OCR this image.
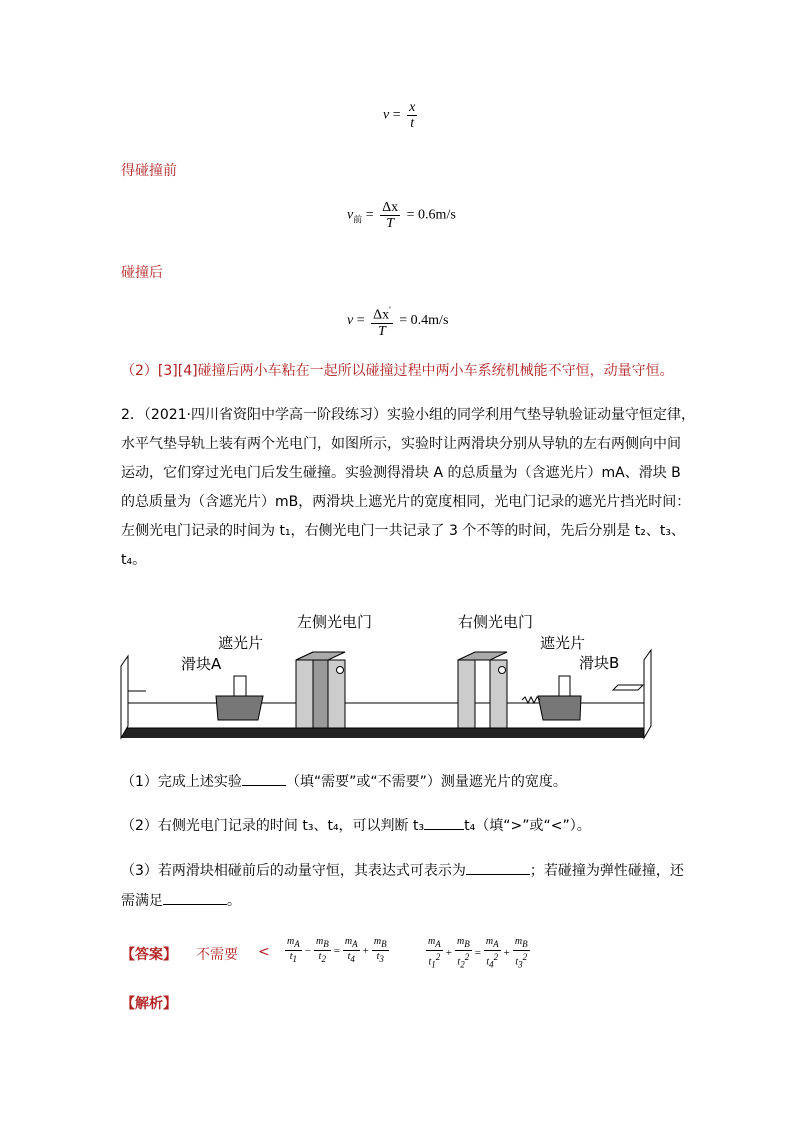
$v = \frac{x}{t}$
得碰撞前
$v_前 = \frac{\Delta x}{T} = 0.6m/s$
碰撞后
$v = \frac{\Delta x'}{T} = 0.4m/s$
（2）[3][4]碰撞后两小车粘在一起所以碰撞过程中两小车系统机械能不守恒，动量守恒。
2．（2021·四川省资阳中学高一阶段练习）实验小组的同学利用气垫导轨验证动量守恒定律，
水平气垫导轨上装有两个光电门，如图所示，实验时让两滑块分别从导轨的左右两侧向中间
运动，它们穿过光电门后发生碰撞。实验测得滑块 A 的总质量为（含遮光片）mA、滑块 B
的总质量为（含遮光片）mB，两滑块上遮光片的宽度相同，光电门记录的遮光片挡光时间：
左侧光电门记录的时间为 t₁，右侧光电门一共记录了 3 个不等的时间，先后分别是 t₂、t₃、
t₄。
左侧光电门	右侧光电门
遮光片	遮光片
滑块A	滑块B
（1）完成上述实验	（填“需要”或“不需要”）测量遮光片的宽度。
（2）右侧光电门记录的时间 t₃、t₄，可以判断 t₃	t₄（填“>”或“<”）。
（3）若两滑块相碰前后的动量守恒，其表达式可表示为	；若碰撞为弹性碰撞，还
需满足	。
【答案】 不需要 < $\frac{m_A}{t_1} - \frac{m_B}{t_2} = \frac{m_A}{t_4} + \frac{m_B}{t_3}$	$\frac{m_A}{t_1^2} + \frac{m_B}{t_2^2} = \frac{m_A}{t_4^2} + \frac{m_B}{t_3^2}$
【解析】
